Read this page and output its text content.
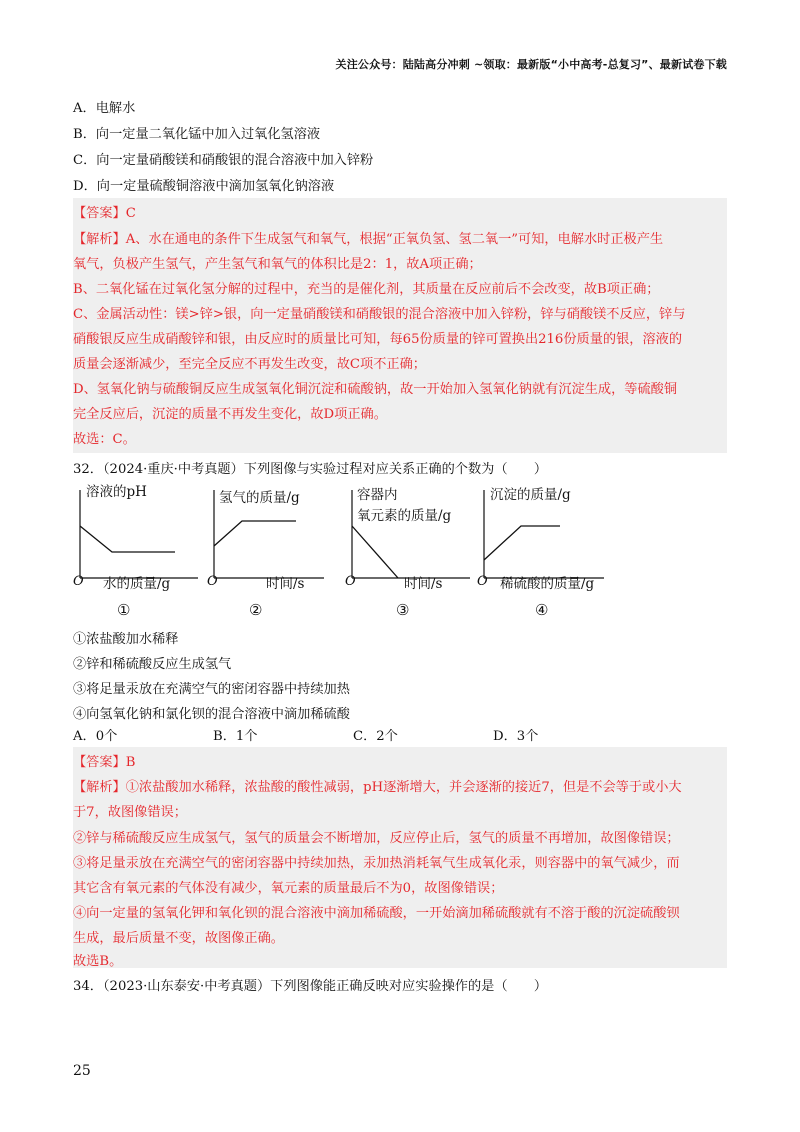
关注公众号：陆陆高分冲刺 ~领取：最新版“小中高考-总复习”、最新试卷下载
A．电解水
B．向一定量二氧化锰中加入过氧化氢溶液
C．向一定量硝酸镁和硝酸银的混合溶液中加入锌粉
D．向一定量硫酸铜溶液中滴加氢氧化钠溶液
【答案】C
【解析】A、水在通电的条件下生成氢气和氧气，根据“正氧负氢、氢二氧一”可知，电解水时正极产生
氧气，负极产生氢气，产生氢气和氧气的体积比是2：1，故A项正确；
B、二氧化锰在过氧化氢分解的过程中，充当的是催化剂，其质量在反应前后不会改变，故B项正确；
C、金属活动性：镁>锌>银，向一定量硝酸镁和硝酸银的混合溶液中加入锌粉，锌与硝酸镁不反应，锌与
硝酸银反应生成硝酸锌和银，由反应时的质量比可知，每65份质量的锌可置换出216份质量的银，溶液的
质量会逐渐减少，至完全反应不再发生改变，故C项不正确；
D、氢氧化钠与硫酸铜反应生成氢氧化铜沉淀和硫酸钠，故一开始加入氢氧化钠就有沉淀生成，等硫酸铜
完全反应后，沉淀的质量不再发生变化，故D项正确。
故选：C。
32．（2024·重庆·中考真题）下列图像与实验过程对应关系正确的个数为（　　）
溶液的pH
O 水的质量/g
①
氢气的质量/g
O	时间/s
②
容器内
氧元素的质量/g
O	时间/s
③
沉淀的质量/g
O 稀硫酸的质量/g
④
①浓盐酸加水稀释
②锌和稀硫酸反应生成氢气
③将足量汞放在充满空气的密闭容器中持续加热
④向氢氧化钠和氯化钡的混合溶液中滴加稀硫酸
A．0个	B．1个	C．2个	D．3个
【答案】B
【解析】①浓盐酸加水稀释，浓盐酸的酸性减弱，pH逐渐增大，并会逐渐的接近7，但是不会等于或小大
于7，故图像错误；
②锌与稀硫酸反应生成氢气，氢气的质量会不断增加，反应停止后，氢气的质量不再增加，故图像错误；
③将足量汞放在充满空气的密闭容器中持续加热，汞加热消耗氧气生成氧化汞，则容器中的氧气减少，而
其它含有氧元素的气体没有减少，氧元素的质量最后不为0，故图像错误；
④向一定量的氢氧化钾和氧化钡的混合溶液中滴加稀硫酸，一开始滴加稀硫酸就有不溶于酸的沉淀硫酸钡
生成，最后质量不变，故图像正确。
故选B。
34．（2023·山东泰安·中考真题）下列图像能正确反映对应实验操作的是（　　）
25
